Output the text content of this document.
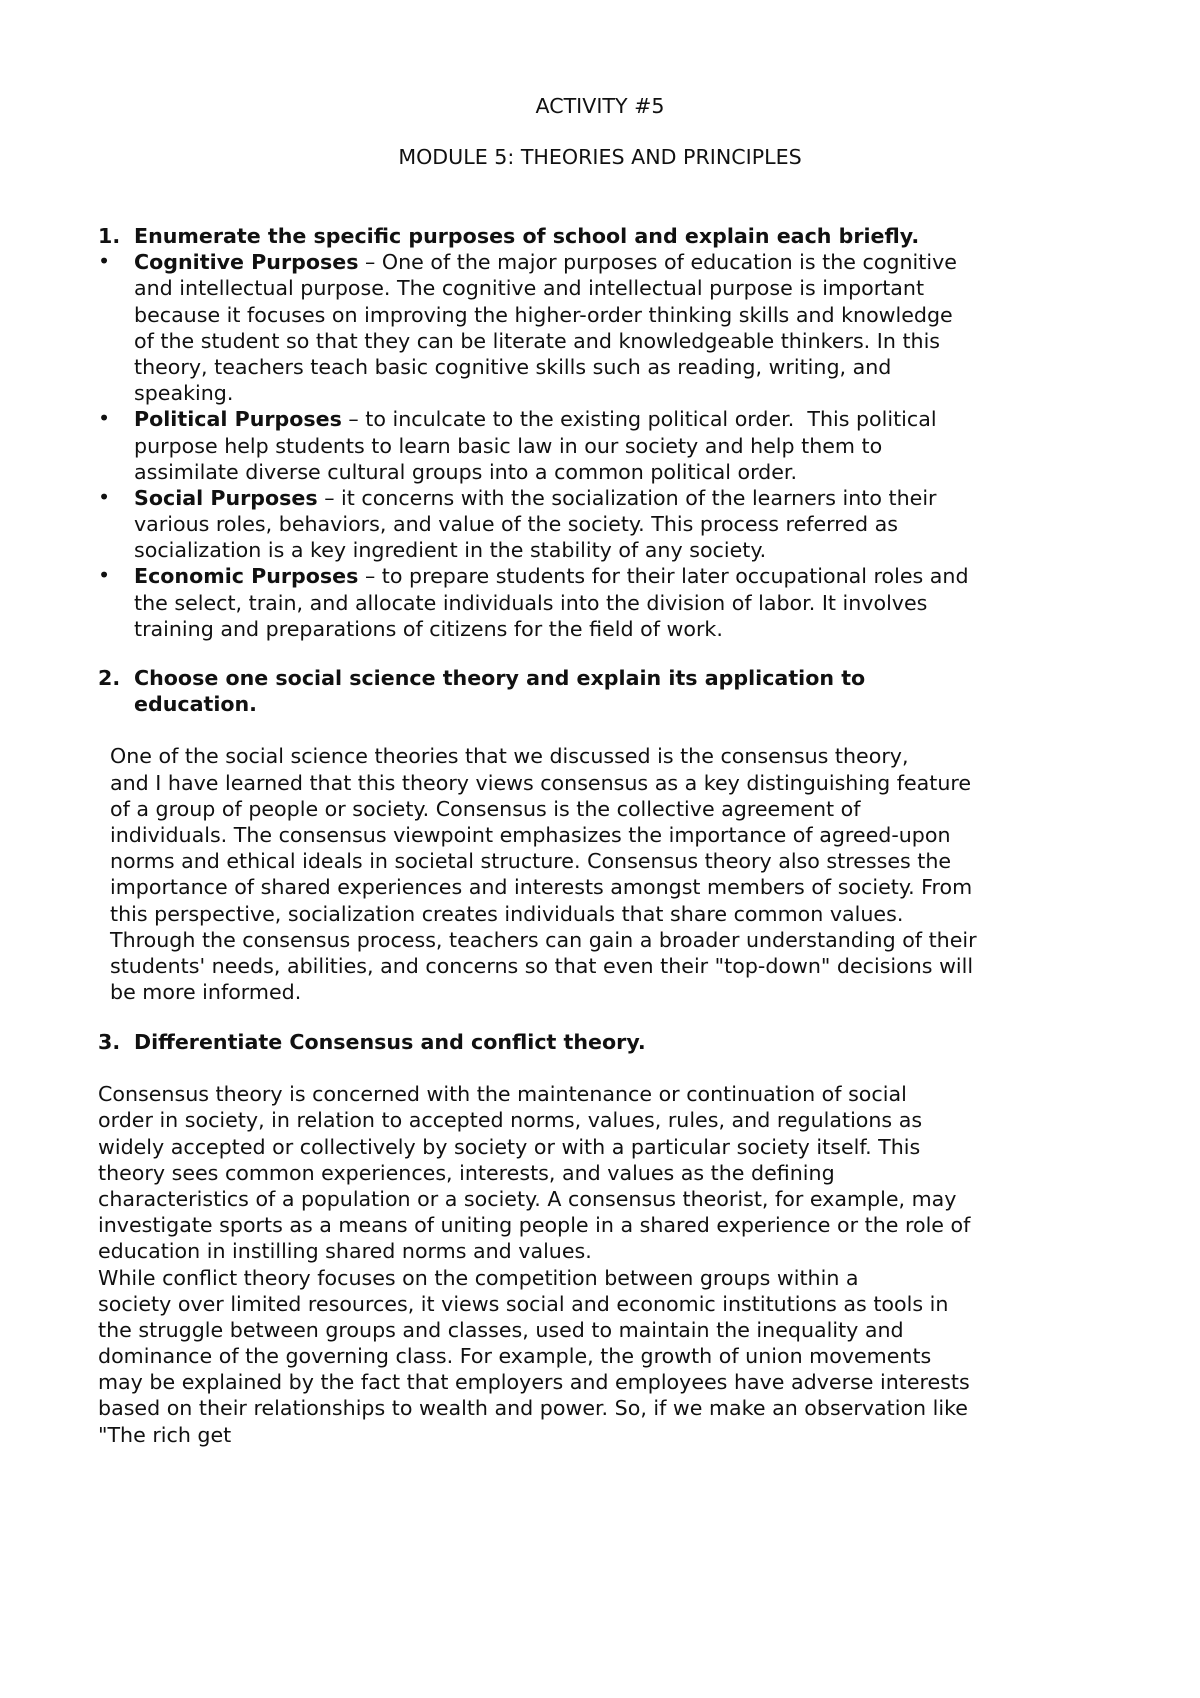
ACTIVITY #5
MODULE 5: THEORIES AND PRINCIPLES
1. Enumerate the specific purposes of school and explain each briefly.
• Cognitive Purposes – One of the major purposes of education is the cognitive
and intellectual purpose. The cognitive and intellectual purpose is important
because it focuses on improving the higher-order thinking skills and knowledge
of the student so that they can be literate and knowledgeable thinkers. In this
theory, teachers teach basic cognitive skills such as reading, writing, and
speaking.
• Political Purposes – to inculcate to the existing political order.  This political
purpose help students to learn basic law in our society and help them to
assimilate diverse cultural groups into a common political order.
• Social Purposes – it concerns with the socialization of the learners into their
various roles, behaviors, and value of the society. This process referred as
socialization is a key ingredient in the stability of any society.
• Economic Purposes – to prepare students for their later occupational roles and
the select, train, and allocate individuals into the division of labor. It involves
training and preparations of citizens for the field of work.
2. Choose one social science theory and explain its application to
education.
One of the social science theories that we discussed is the consensus theory,
and I have learned that this theory views consensus as a key distinguishing feature
of a group of people or society. Consensus is the collective agreement of
individuals. The consensus viewpoint emphasizes the importance of agreed-upon
norms and ethical ideals in societal structure. Consensus theory also stresses the
importance of shared experiences and interests amongst members of society. From
this perspective, socialization creates individuals that share common values.
Through the consensus process, teachers can gain a broader understanding of their
students' needs, abilities, and concerns so that even their "top-down" decisions will
be more informed.
3. Differentiate Consensus and conflict theory.
Consensus theory is concerned with the maintenance or continuation of social
order in society, in relation to accepted norms, values, rules, and regulations as
widely accepted or collectively by society or with a particular society itself. This
theory sees common experiences, interests, and values as the defining
characteristics of a population or a society. A consensus theorist, for example, may
investigate sports as a means of uniting people in a shared experience or the role of
education in instilling shared norms and values.
While conflict theory focuses on the competition between groups within a
society over limited resources, it views social and economic institutions as tools in
the struggle between groups and classes, used to maintain the inequality and
dominance of the governing class. For example, the growth of union movements
may be explained by the fact that employers and employees have adverse interests
based on their relationships to wealth and power. So, if we make an observation like
"The rich get
